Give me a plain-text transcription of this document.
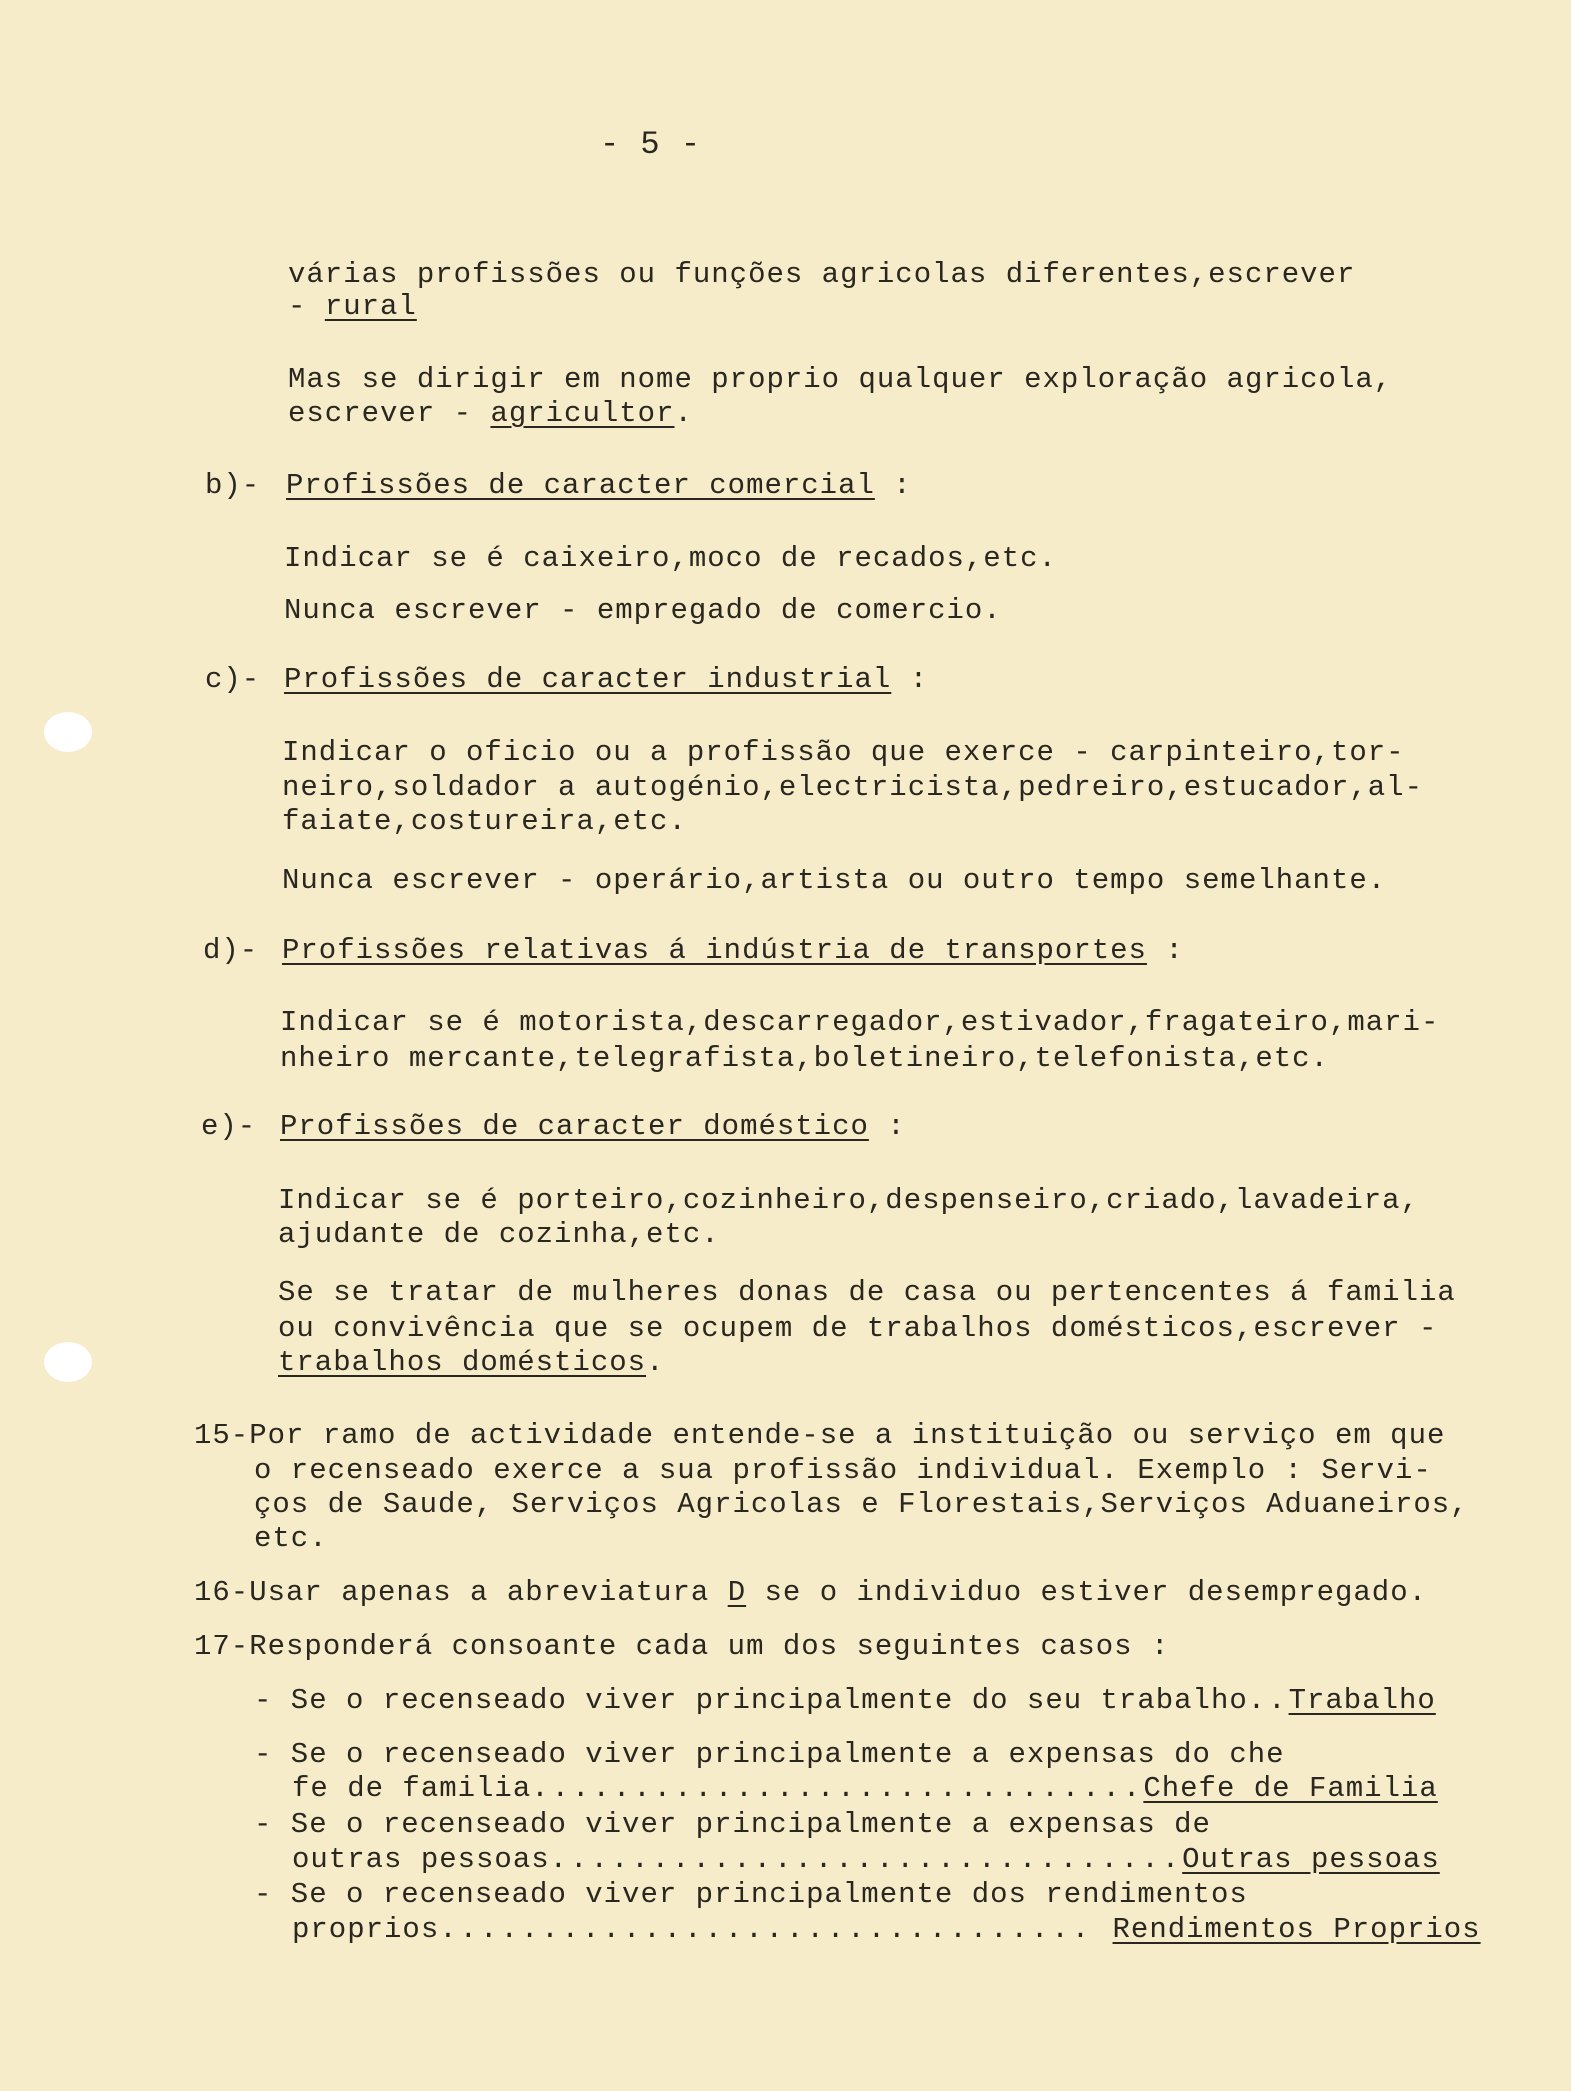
- 5 -
várias profissões ou funções agricolas diferentes,escrever
- rural
Mas se dirigir em nome proprio qualquer exploração agricola,
escrever - agricultor.
b)- Profissões de caracter comercial :
Indicar se é caixeiro,moco de recados,etc.
Nunca escrever - empregado de comercio.
c)- Profissões de caracter industrial :
Indicar o oficio ou a profissão que exerce - carpinteiro,tor-
neiro,soldador a autogénio,electricista,pedreiro,estucador,al-
faiate,costureira,etc.
Nunca escrever - operário,artista ou outro tempo semelhante.
d)- Profissões relativas á indústria de transportes :
Indicar se é motorista,descarregador,estivador,fragateiro,mari-
nheiro mercante,telegrafista,boletineiro,telefonista,etc.
e)- Profissões de caracter doméstico :
Indicar se é porteiro,cozinheiro,despenseiro,criado,lavadeira,
ajudante de cozinha,etc.
Se se tratar de mulheres donas de casa ou pertencentes á familia
ou convivência que se ocupem de trabalhos domésticos,escrever -
trabalhos domésticos.
15-Por ramo de actividade entende-se a instituição ou serviço em que
o recenseado exerce a sua profissão individual. Exemplo : Servi-
ços de Saude, Serviços Agricolas e Florestais,Serviços Aduaneiros,
etc.
16-Usar apenas a abreviatura D se o individuo estiver desempregado.
17-Responderá consoante cada um dos seguintes casos :
- Se o recenseado viver principalmente do seu trabalho..Trabalho
- Se o recenseado viver principalmente a expensas do che
fe de familia..............................Chefe de Familia
- Se o recenseado viver principalmente a expensas de
outras pessoas...............................Outras pessoas
- Se o recenseado viver principalmente dos rendimentos
proprios................................ Rendimentos Proprios
